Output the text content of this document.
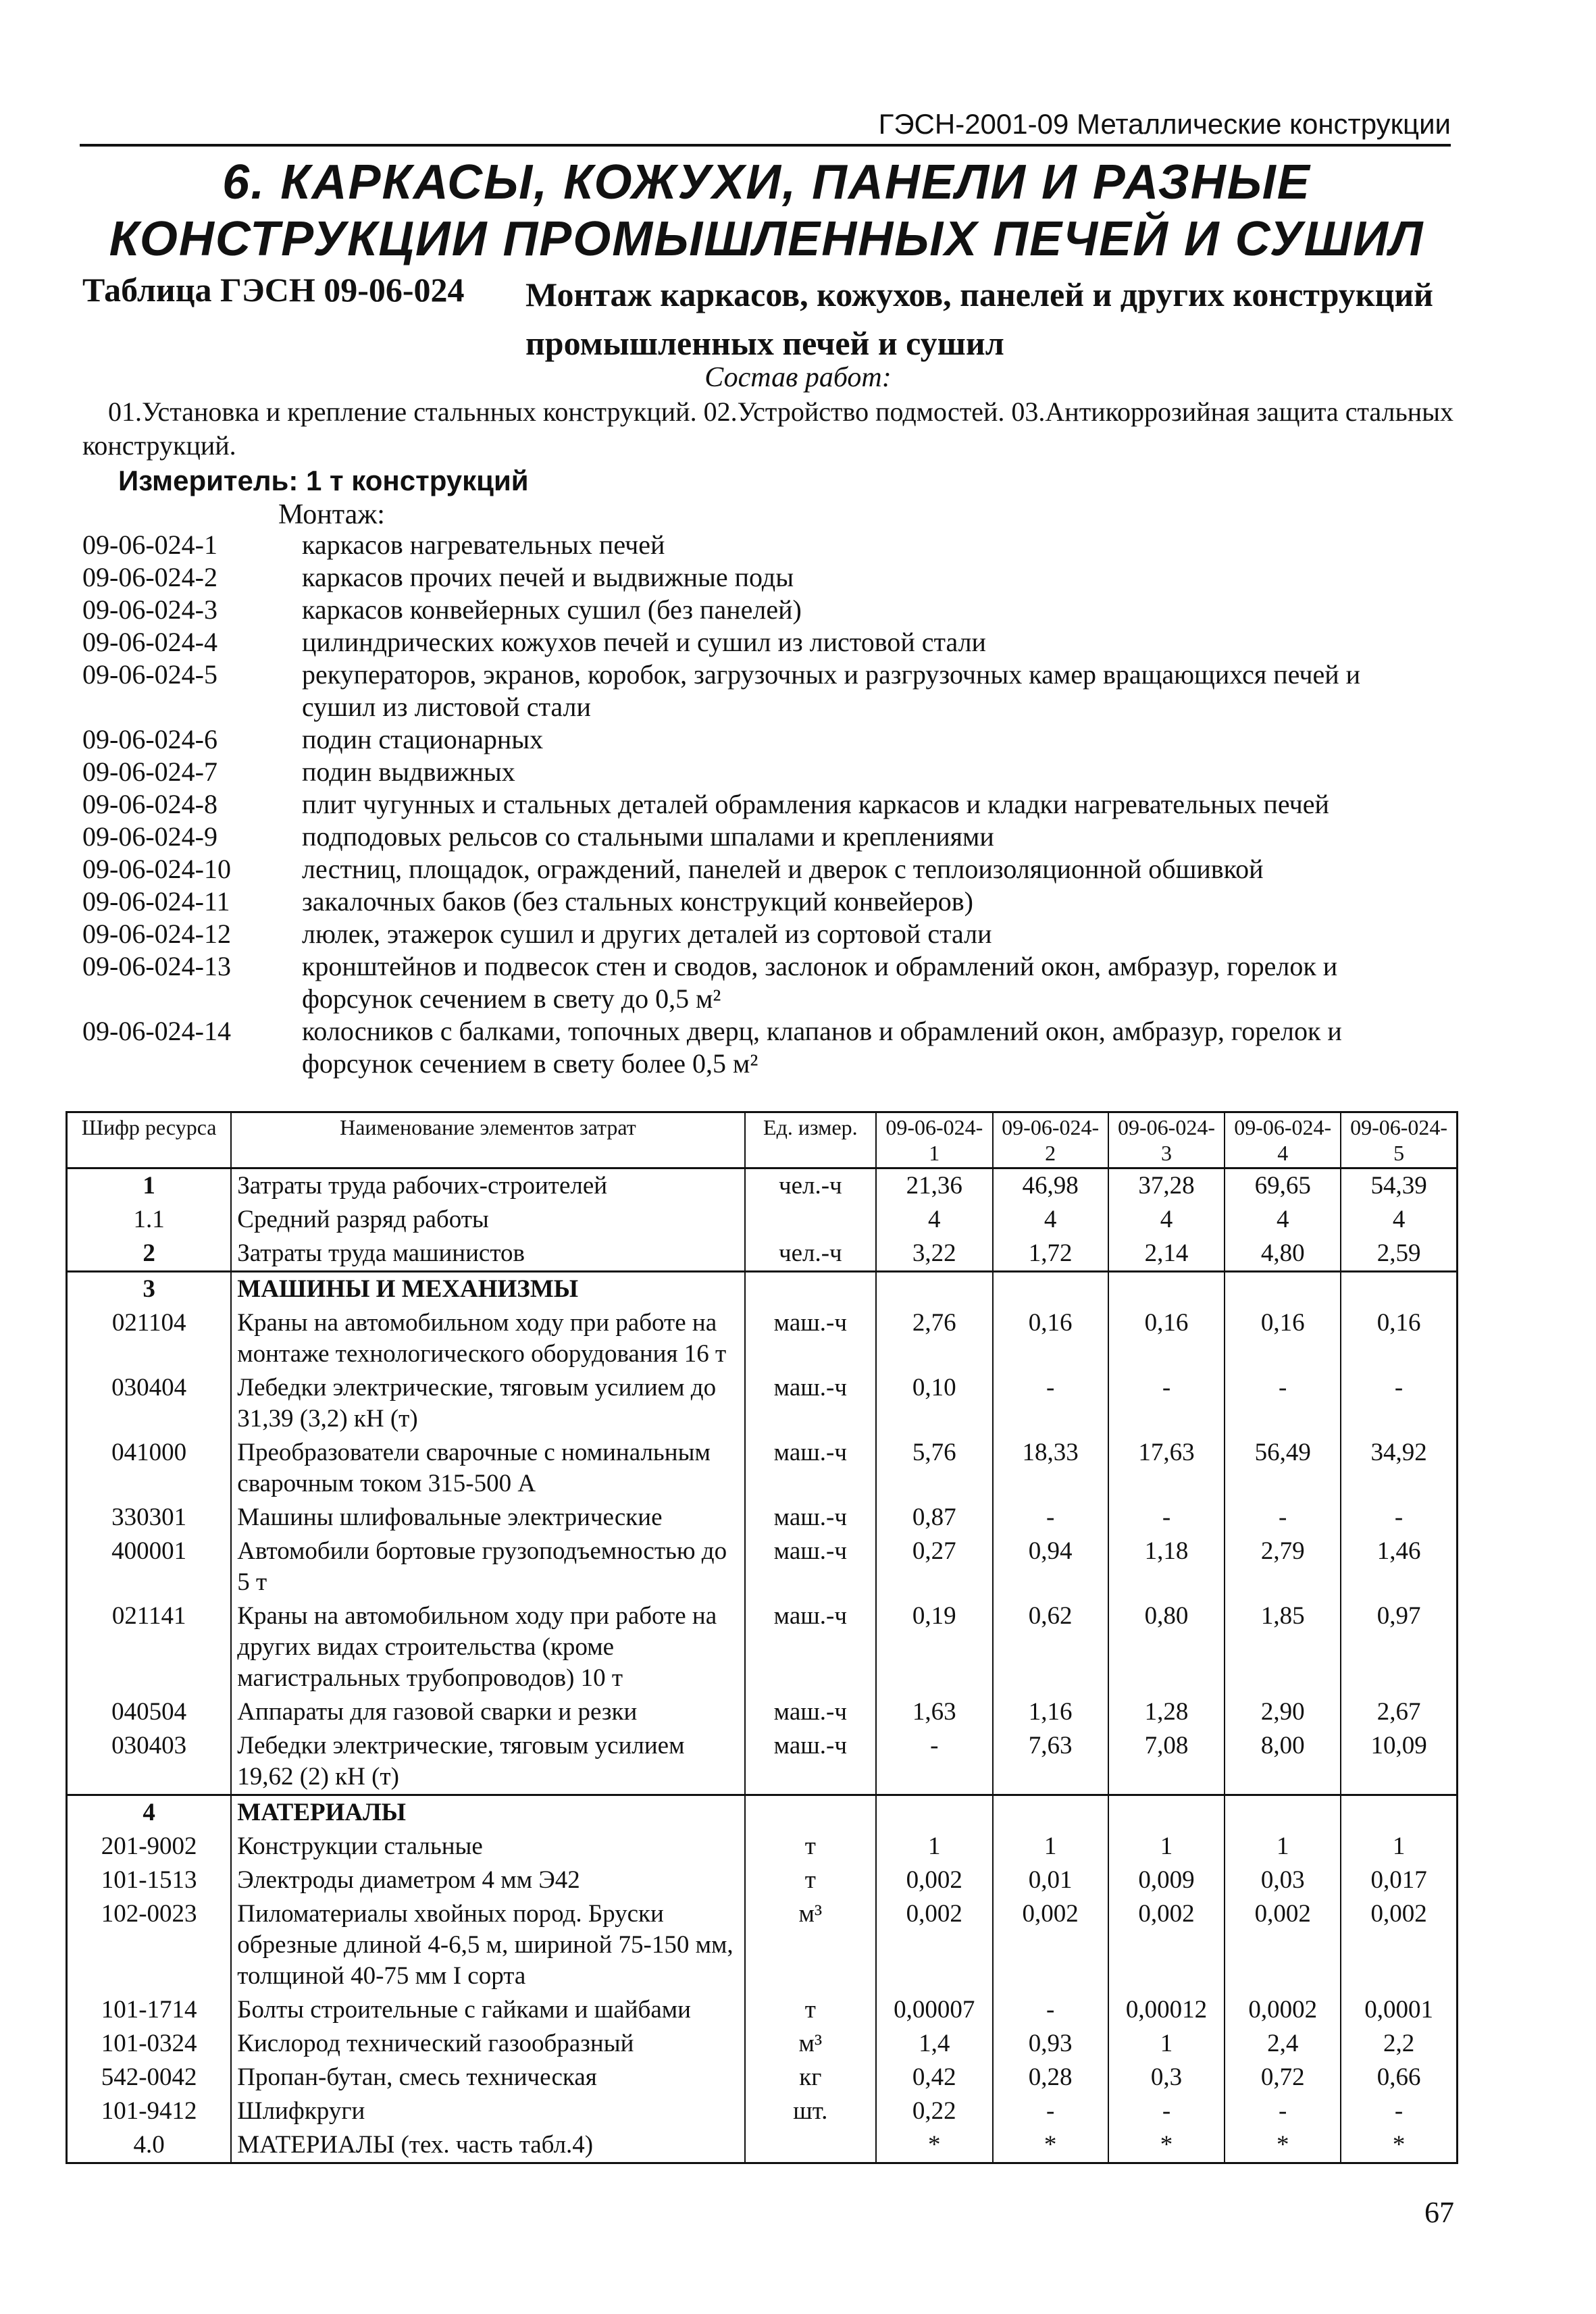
ГЭСН-2001-09 Металлические конструкции
6. КАРКАСЫ, КОЖУХИ, ПАНЕЛИ И РАЗНЫЕ КОНСТРУКЦИИ ПРОМЫШЛЕННЫХ ПЕЧЕЙ И СУШИЛ
Таблица ГЭСН 09-06-024 Монтаж каркасов, кожухов, панелей и других конструкций промышленных печей и сушил
Состав работ:
01.Установка и крепление стальнных конструкций. 02.Устройство подмостей. 03.Антикоррозийная защита стальных конструкций.
Измеритель: 1 т конструкций
Монтаж:
09-06-024-1	каркасов нагревательных печей
09-06-024-2	каркасов прочих печей и выдвижные поды
09-06-024-3	каркасов конвейерных сушил (без панелей)
09-06-024-4	цилиндрических кожухов печей и сушил из листовой стали
09-06-024-5	рекуператоров, экранов, коробок, загрузочных и разгрузочных камер вращающихся печей и сушил из листовой стали
09-06-024-6	подин стационарных
09-06-024-7	подин выдвижных
09-06-024-8	плит чугунных и стальных деталей обрамления каркасов и кладки нагревательных печей
09-06-024-9	подподовых рельсов со стальными шпалами и креплениями
09-06-024-10	лестниц, площадок, ограждений, панелей и дверок с теплоизоляционной обшивкой
09-06-024-11	закалочных баков (без стальных конструкций конвейеров)
09-06-024-12	люлек, этажерок сушил и других деталей из сортовой стали
09-06-024-13	кронштейнов и подвесок стен и сводов, заслонок и обрамлений окон, амбразур, горелок и форсунок сечением в свету до 0,5 м²
09-06-024-14	колосников с балками, топочных дверц, клапанов и обрамлений окон, амбразур, горелок и форсунок сечением в свету более 0,5 м²
Шифр ресурса	Наименование элементов затрат	Ед. измер.	09-06-024-1	09-06-024-2	09-06-024-3	09-06-024-4	09-06-024-5
1	Затраты труда рабочих-строителей	чел.-ч	21,36	46,98	37,28	69,65	54,39
1.1	Средний разряд работы		4	4	4	4	4
2	Затраты труда машинистов	чел.-ч	3,22	1,72	2,14	4,80	2,59
3	МАШИНЫ И МЕХАНИЗМЫ						
021104	Краны на автомобильном ходу при работе на монтаже технологического оборудования 16 т	маш.-ч	2,76	0,16	0,16	0,16	0,16
030404	Лебедки электрические, тяговым усилием до 31,39 (3,2) кН (т)	маш.-ч	0,10	-	-	-	-
041000	Преобразователи сварочные с номинальным сварочным током 315-500 А	маш.-ч	5,76	18,33	17,63	56,49	34,92
330301	Машины шлифовальные электрические	маш.-ч	0,87	-	-	-	-
400001	Автомобили бортовые грузоподъемностью до 5 т	маш.-ч	0,27	0,94	1,18	2,79	1,46
021141	Краны на автомобильном ходу при работе на других видах строительства (кроме магистральных трубопроводов) 10 т	маш.-ч	0,19	0,62	0,80	1,85	0,97
040504	Аппараты для газовой сварки и резки	маш.-ч	1,63	1,16	1,28	2,90	2,67
030403	Лебедки электрические, тяговым усилием 19,62 (2) кН (т)	маш.-ч	-	7,63	7,08	8,00	10,09
4	МАТЕРИАЛЫ						
201-9002	Конструкции стальные	т	1	1	1	1	1
101-1513	Электроды диаметром 4 мм Э42	т	0,002	0,01	0,009	0,03	0,017
102-0023	Пиломатериалы хвойных пород. Бруски обрезные длиной 4-6,5 м, шириной 75-150 мм, толщиной 40-75 мм I сорта	м³	0,002	0,002	0,002	0,002	0,002
101-1714	Болты строительные с гайками и шайбами	т	0,00007	-	0,00012	0,0002	0,0001
101-0324	Кислород технический газообразный	м³	1,4	0,93	1	2,4	2,2
542-0042	Пропан-бутан, смесь техническая	кг	0,42	0,28	0,3	0,72	0,66
101-9412	Шлифкруги	шт.	0,22	-	-	-	-
4.0	МАТЕРИАЛЫ (тех. часть табл.4)		*	*	*	*	*
67
